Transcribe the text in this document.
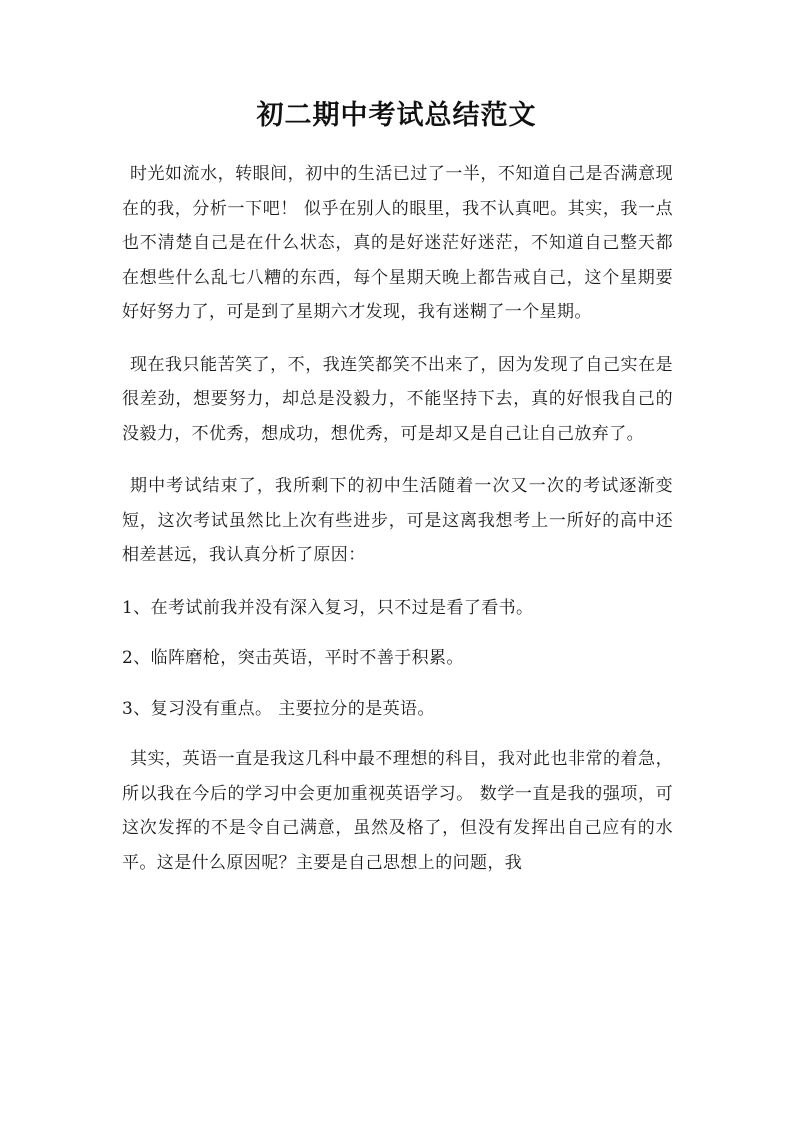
初二期中考试总结范文

时光如流水，转眼间，初中的生活已过了一半，不知道自己是否满意现在的我，分析一下吧！ 似乎在别人的眼里，我不认真吧。其实，我一点也不清楚自己是在什么状态，真的是好迷茫好迷茫，不知道自己整天都在想些什么乱七八糟的东西，每个星期天晚上都告戒自己，这个星期要好好努力了，可是到了星期六才发现，我有迷糊了一个星期。

现在我只能苦笑了，不，我连笑都笑不出来了，因为发现了自己实在是很差劲，想要努力，却总是没毅力，不能坚持下去，真的好恨我自己的没毅力，不优秀，想成功，想优秀，可是却又是自己让自己放弃了。

期中考试结束了，我所剩下的初中生活随着一次又一次的考试逐渐变短，这次考试虽然比上次有些进步，可是这离我想考上一所好的高中还相差甚远，我认真分析了原因：

1、在考试前我并没有深入复习，只不过是看了看书。

2、临阵磨枪，突击英语，平时不善于积累。

3、复习没有重点。 主要拉分的是英语。

其实，英语一直是我这几科中最不理想的科目，我对此也非常的着急，所以我在今后的学习中会更加重视英语学习。 数学一直是我的强项，可这次发挥的不是令自己满意，虽然及格了，但没有发挥出自己应有的水平。这是什么原因呢？主要是自己思想上的问题，我
